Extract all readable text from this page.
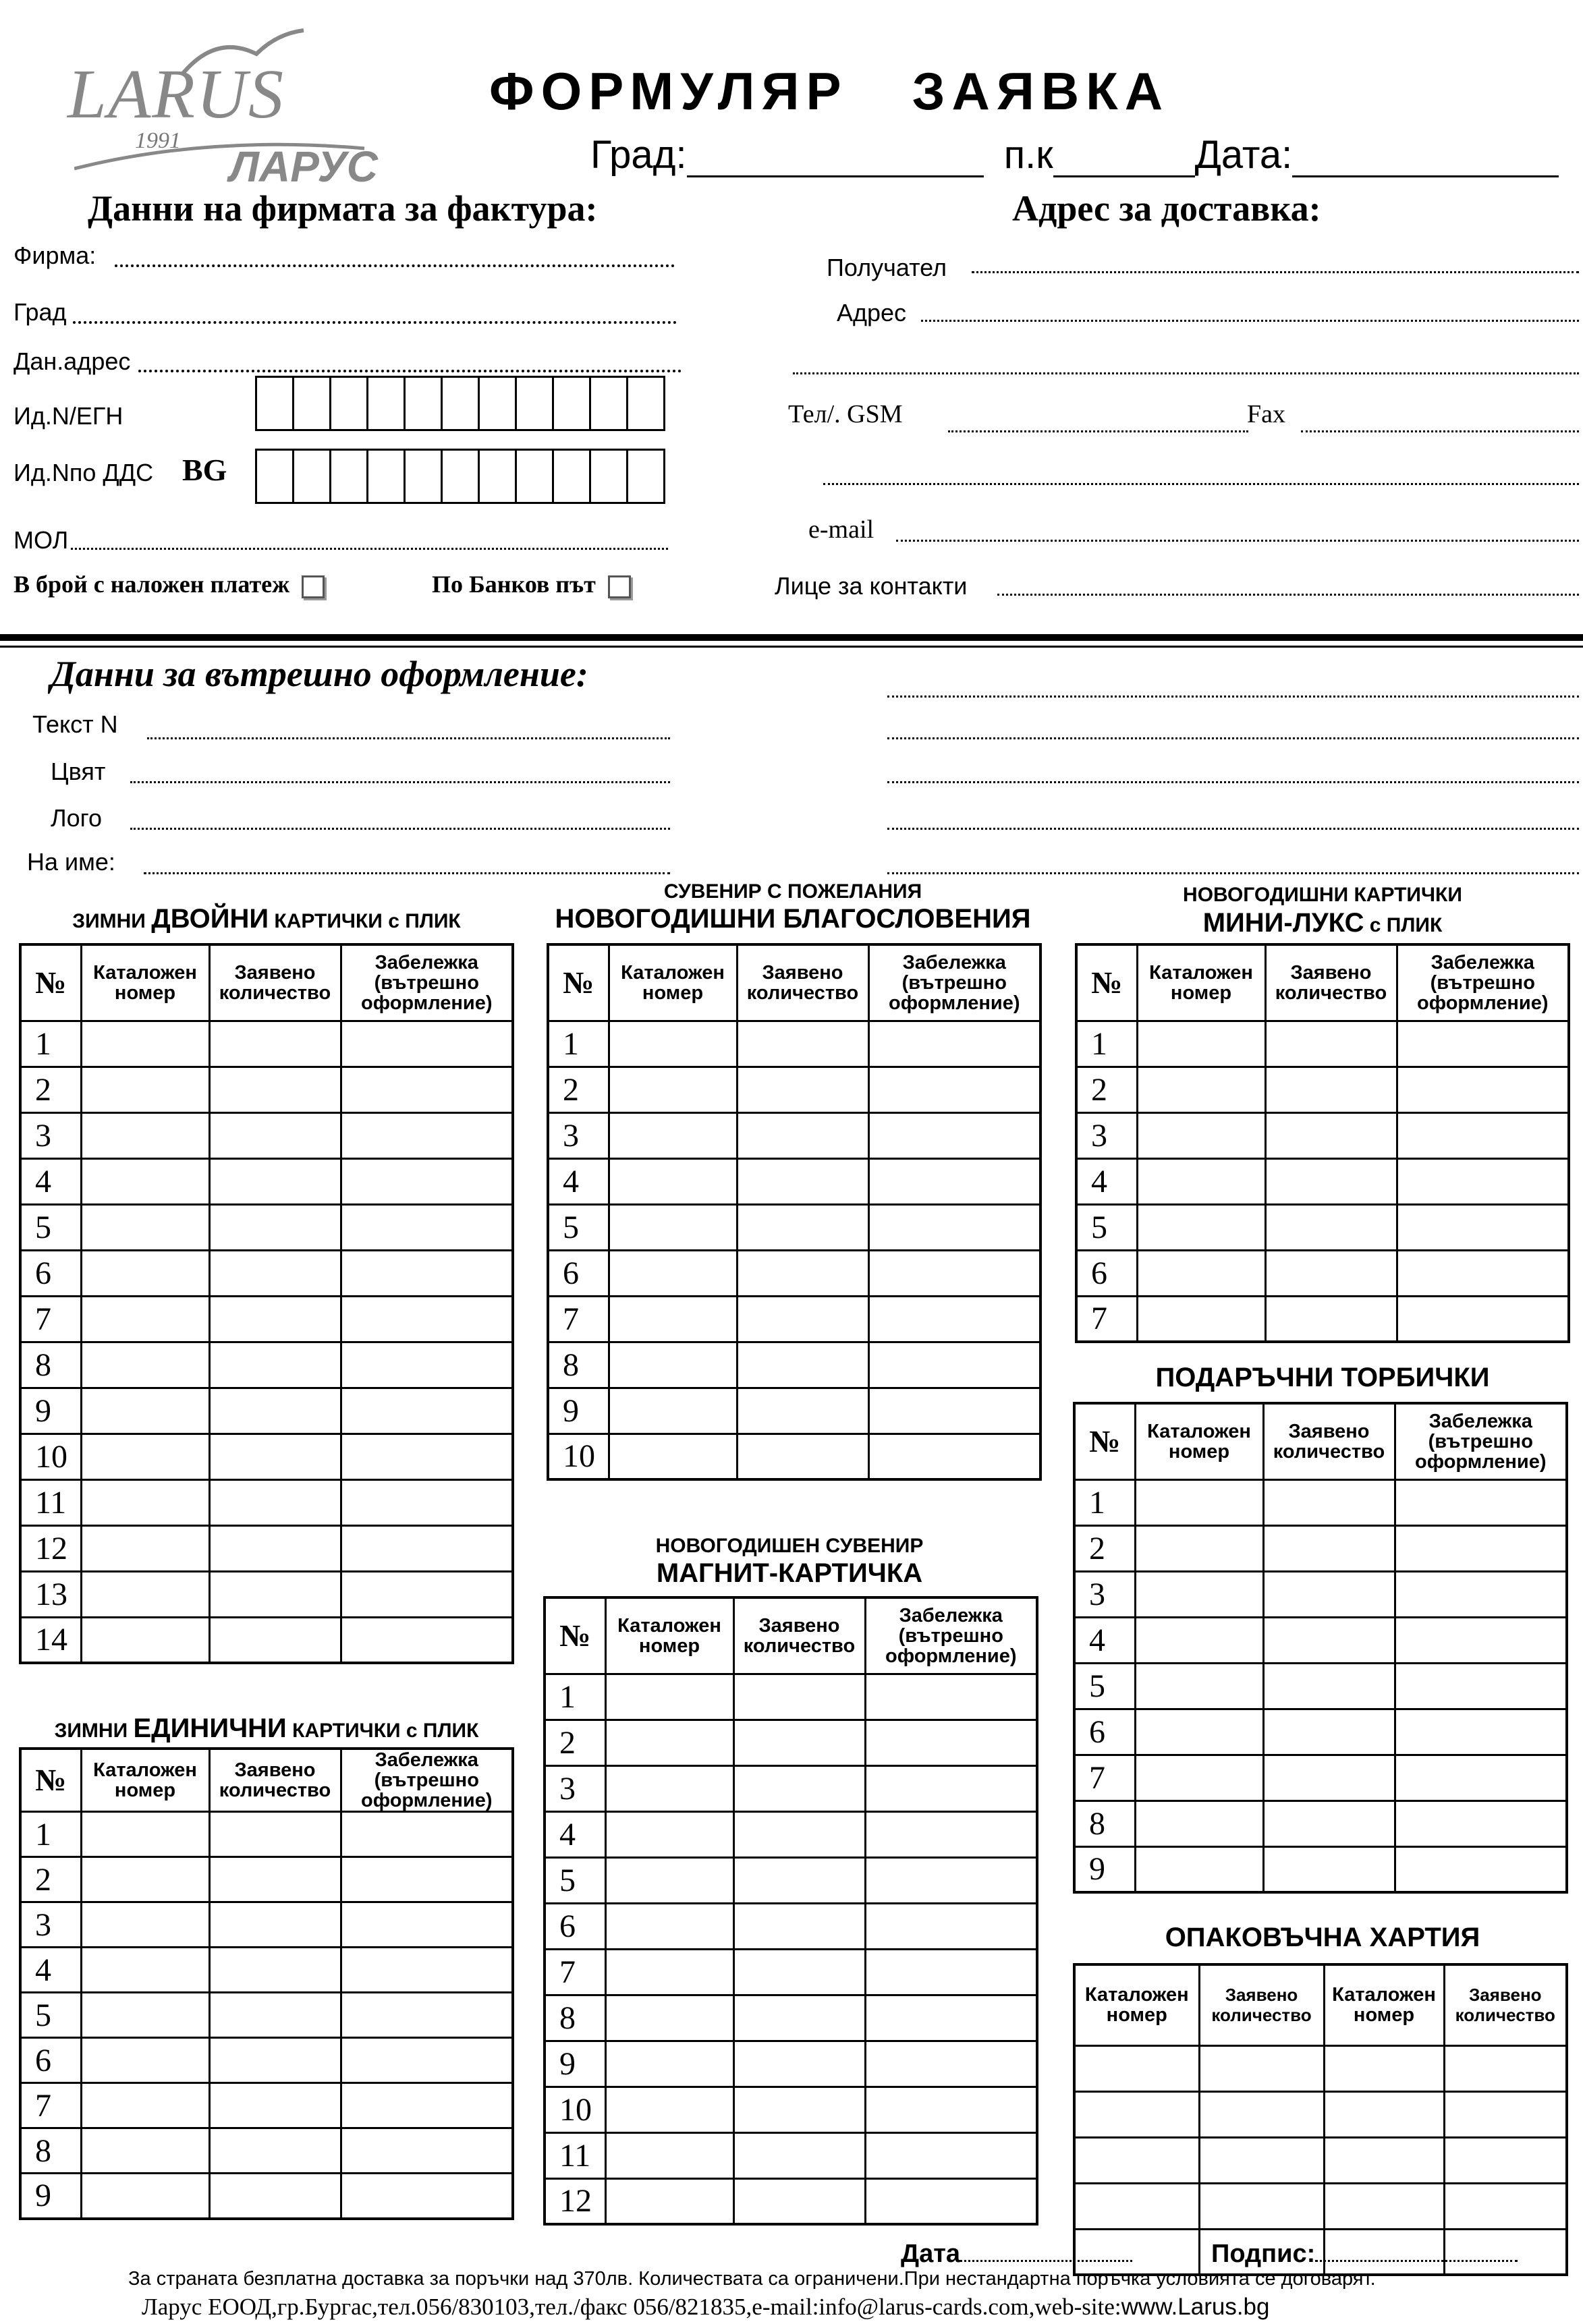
LARUS
1991
ЛАРУС
ФОРМУЛЯР   ЗАЯВКА
Град:	п.к	Дата:
Данни на фирмата за фактура:	Адрес за доставка:
Фирма:
Град
Дан.адрес
Ид.N/ЕГН
Ид.Nпо ДДС BG
МОЛ
В брой с наложен платеж	По Банков път
Получател
Адрес
Тел/. GSM	Fax
e-mail
Лице за контакти
Данни за вътрешно оформление:
Текст N
Цвят
Лого
На име:
ЗИМНИ ДВОЙНИ КАРТИЧКИ с ПЛИК
СУВЕНИР С ПОЖЕЛАНИЯ
НОВОГОДИШНИ БЛАГОСЛОВЕНИЯ
НОВОГОДИШНИ КАРТИЧКИ
МИНИ-ЛУКС с ПЛИК
№	Каталожен номер	Заявено количество	Забележка (вътрешно оформление)
1			
2			
3			
4			
5			
6			
7			
8			
9			
10			
11			
12			
13			
14			
№	Каталожен номер	Заявено количество	Забележка (вътрешно оформление)
1			
2			
3			
4			
5			
6			
7			
8			
9			
10			
№	Каталожен номер	Заявено количество	Забележка (вътрешно оформление)
1			
2			
3			
4			
5			
6			
7			
ПОДАРЪЧНИ ТОРБИЧКИ
№	Каталожен номер	Заявено количество	Забележка (вътрешно оформление)
1			
2			
3			
4			
5			
6			
7			
8			
9			
ЗИМНИ ЕДИНИЧНИ КАРТИЧКИ с ПЛИК
№	Каталожен номер	Заявено количество	Забележка (вътрешно оформление)
1			
2			
3			
4			
5			
6			
7			
8			
9			
НОВОГОДИШЕН СУВЕНИР
МАГНИТ-КАРТИЧКА
№	Каталожен номер	Заявено количество	Забележка (вътрешно оформление)
1			
2			
3			
4			
5			
6			
7			
8			
9			
10			
11			
12			
ОПАКОВЪЧНА ХАРТИЯ
Каталожен номер	Заявено количество	Каталожен номер	Заявено количество

Дата	Подпис:
За страната безплатна доставка за поръчки над 370лв. Количествата са ограничени.При нестандартна поръчка условията се договарят.
Ларус ЕООД,гр.Бургас,тел.056/830103,тел./факс 056/821835,e-mail:info@larus-cards.com,web-site:www.Larus.bg
